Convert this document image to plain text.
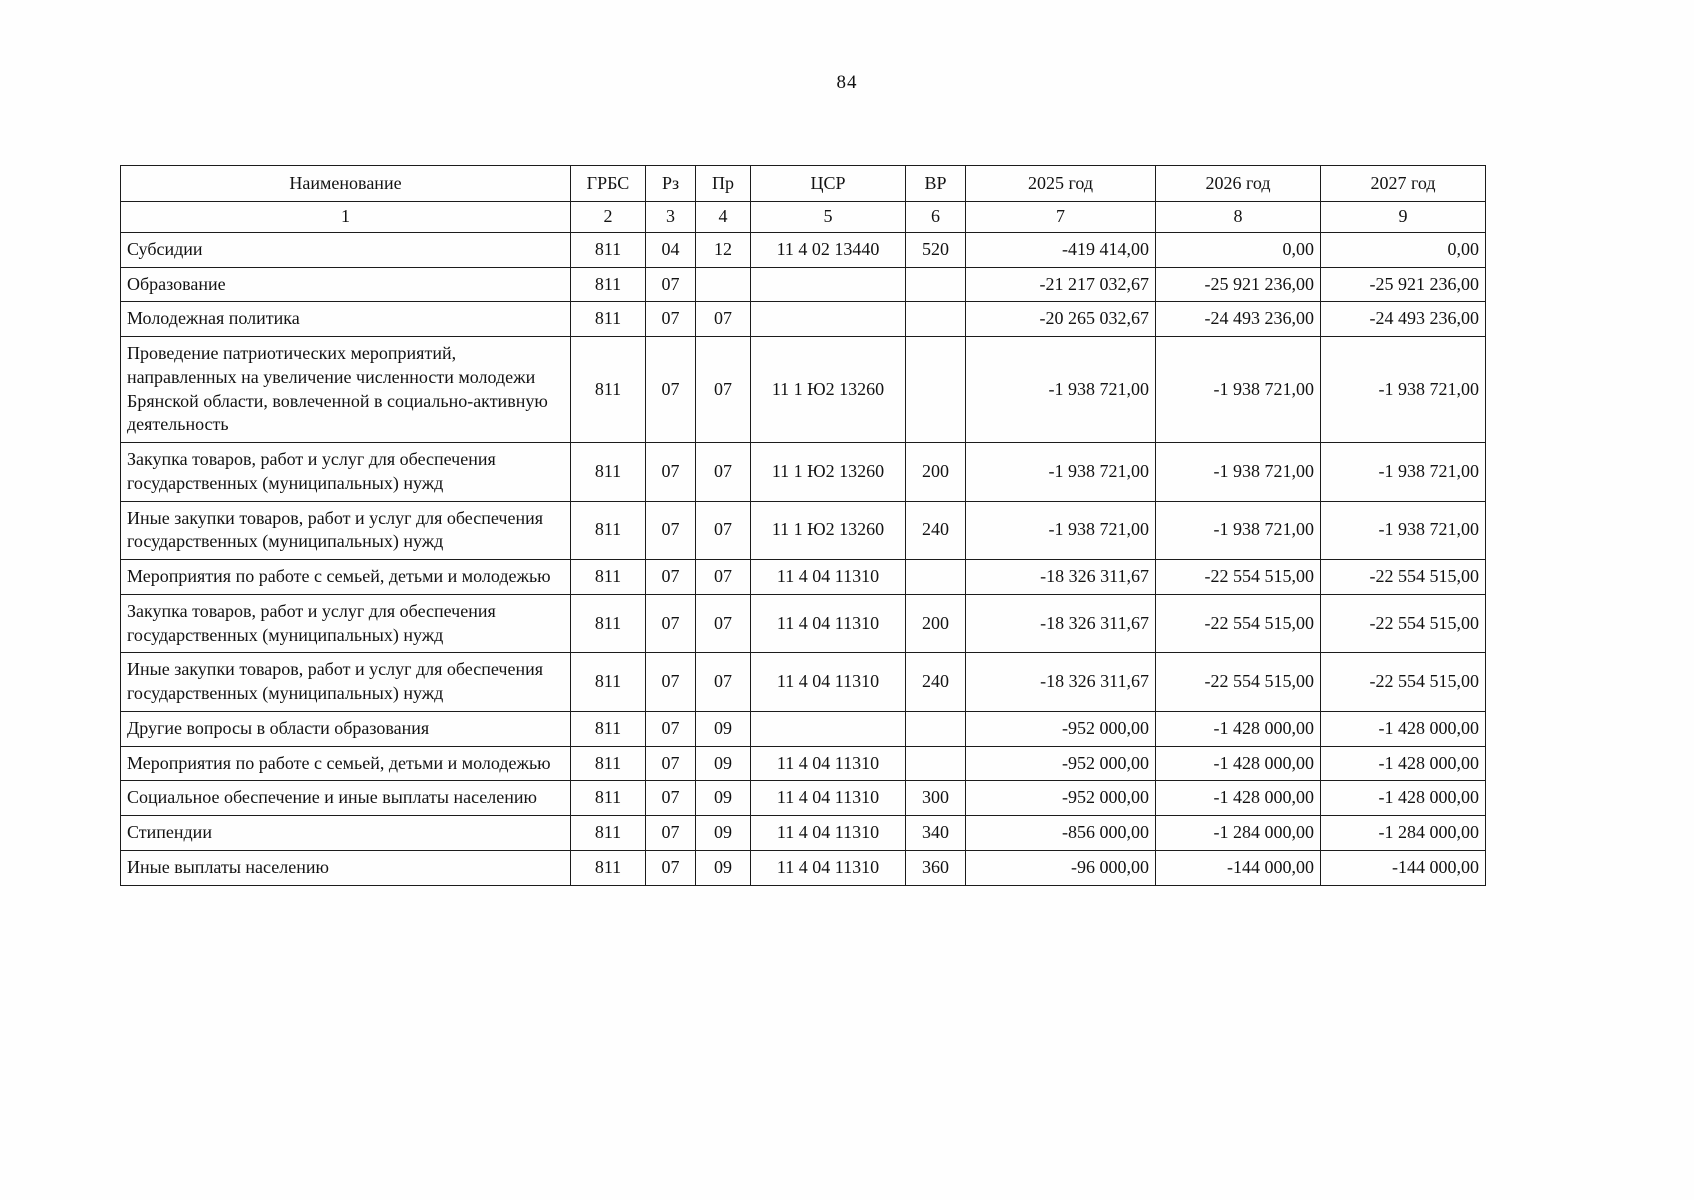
84
Наименование	ГРБС	Рз	Пр	ЦСР	ВР	2025 год	2026 год	2027 год
1	2	3	4	5	6	7	8	9
Субсидии	811	04	12	11 4 02 13440	520	-419 414,00	0,00	0,00
Образование	811	07				-21 217 032,67	-25 921 236,00	-25 921 236,00
Молодежная политика	811	07	07			-20 265 032,67	-24 493 236,00	-24 493 236,00
Проведение патриотических мероприятий, направленных на увеличение численности молодежи Брянской области, вовлеченной в социально-активную деятельность	811	07	07	11 1 Ю2 13260		-1 938 721,00	-1 938 721,00	-1 938 721,00
Закупка товаров, работ и услуг для обеспечения государственных (муниципальных) нужд	811	07	07	11 1 Ю2 13260	200	-1 938 721,00	-1 938 721,00	-1 938 721,00
Иные закупки товаров, работ и услуг для обеспечения государственных (муниципальных) нужд	811	07	07	11 1 Ю2 13260	240	-1 938 721,00	-1 938 721,00	-1 938 721,00
Мероприятия по работе с семьей, детьми и молодежью	811	07	07	11 4 04 11310		-18 326 311,67	-22 554 515,00	-22 554 515,00
Закупка товаров, работ и услуг для обеспечения государственных (муниципальных) нужд	811	07	07	11 4 04 11310	200	-18 326 311,67	-22 554 515,00	-22 554 515,00
Иные закупки товаров, работ и услуг для обеспечения государственных (муниципальных) нужд	811	07	07	11 4 04 11310	240	-18 326 311,67	-22 554 515,00	-22 554 515,00
Другие вопросы в области образования	811	07	09			-952 000,00	-1 428 000,00	-1 428 000,00
Мероприятия по работе с семьей, детьми и молодежью	811	07	09	11 4 04 11310		-952 000,00	-1 428 000,00	-1 428 000,00
Социальное обеспечение и иные выплаты населению	811	07	09	11 4 04 11310	300	-952 000,00	-1 428 000,00	-1 428 000,00
Стипендии	811	07	09	11 4 04 11310	340	-856 000,00	-1 284 000,00	-1 284 000,00
Иные выплаты населению	811	07	09	11 4 04 11310	360	-96 000,00	-144 000,00	-144 000,00
